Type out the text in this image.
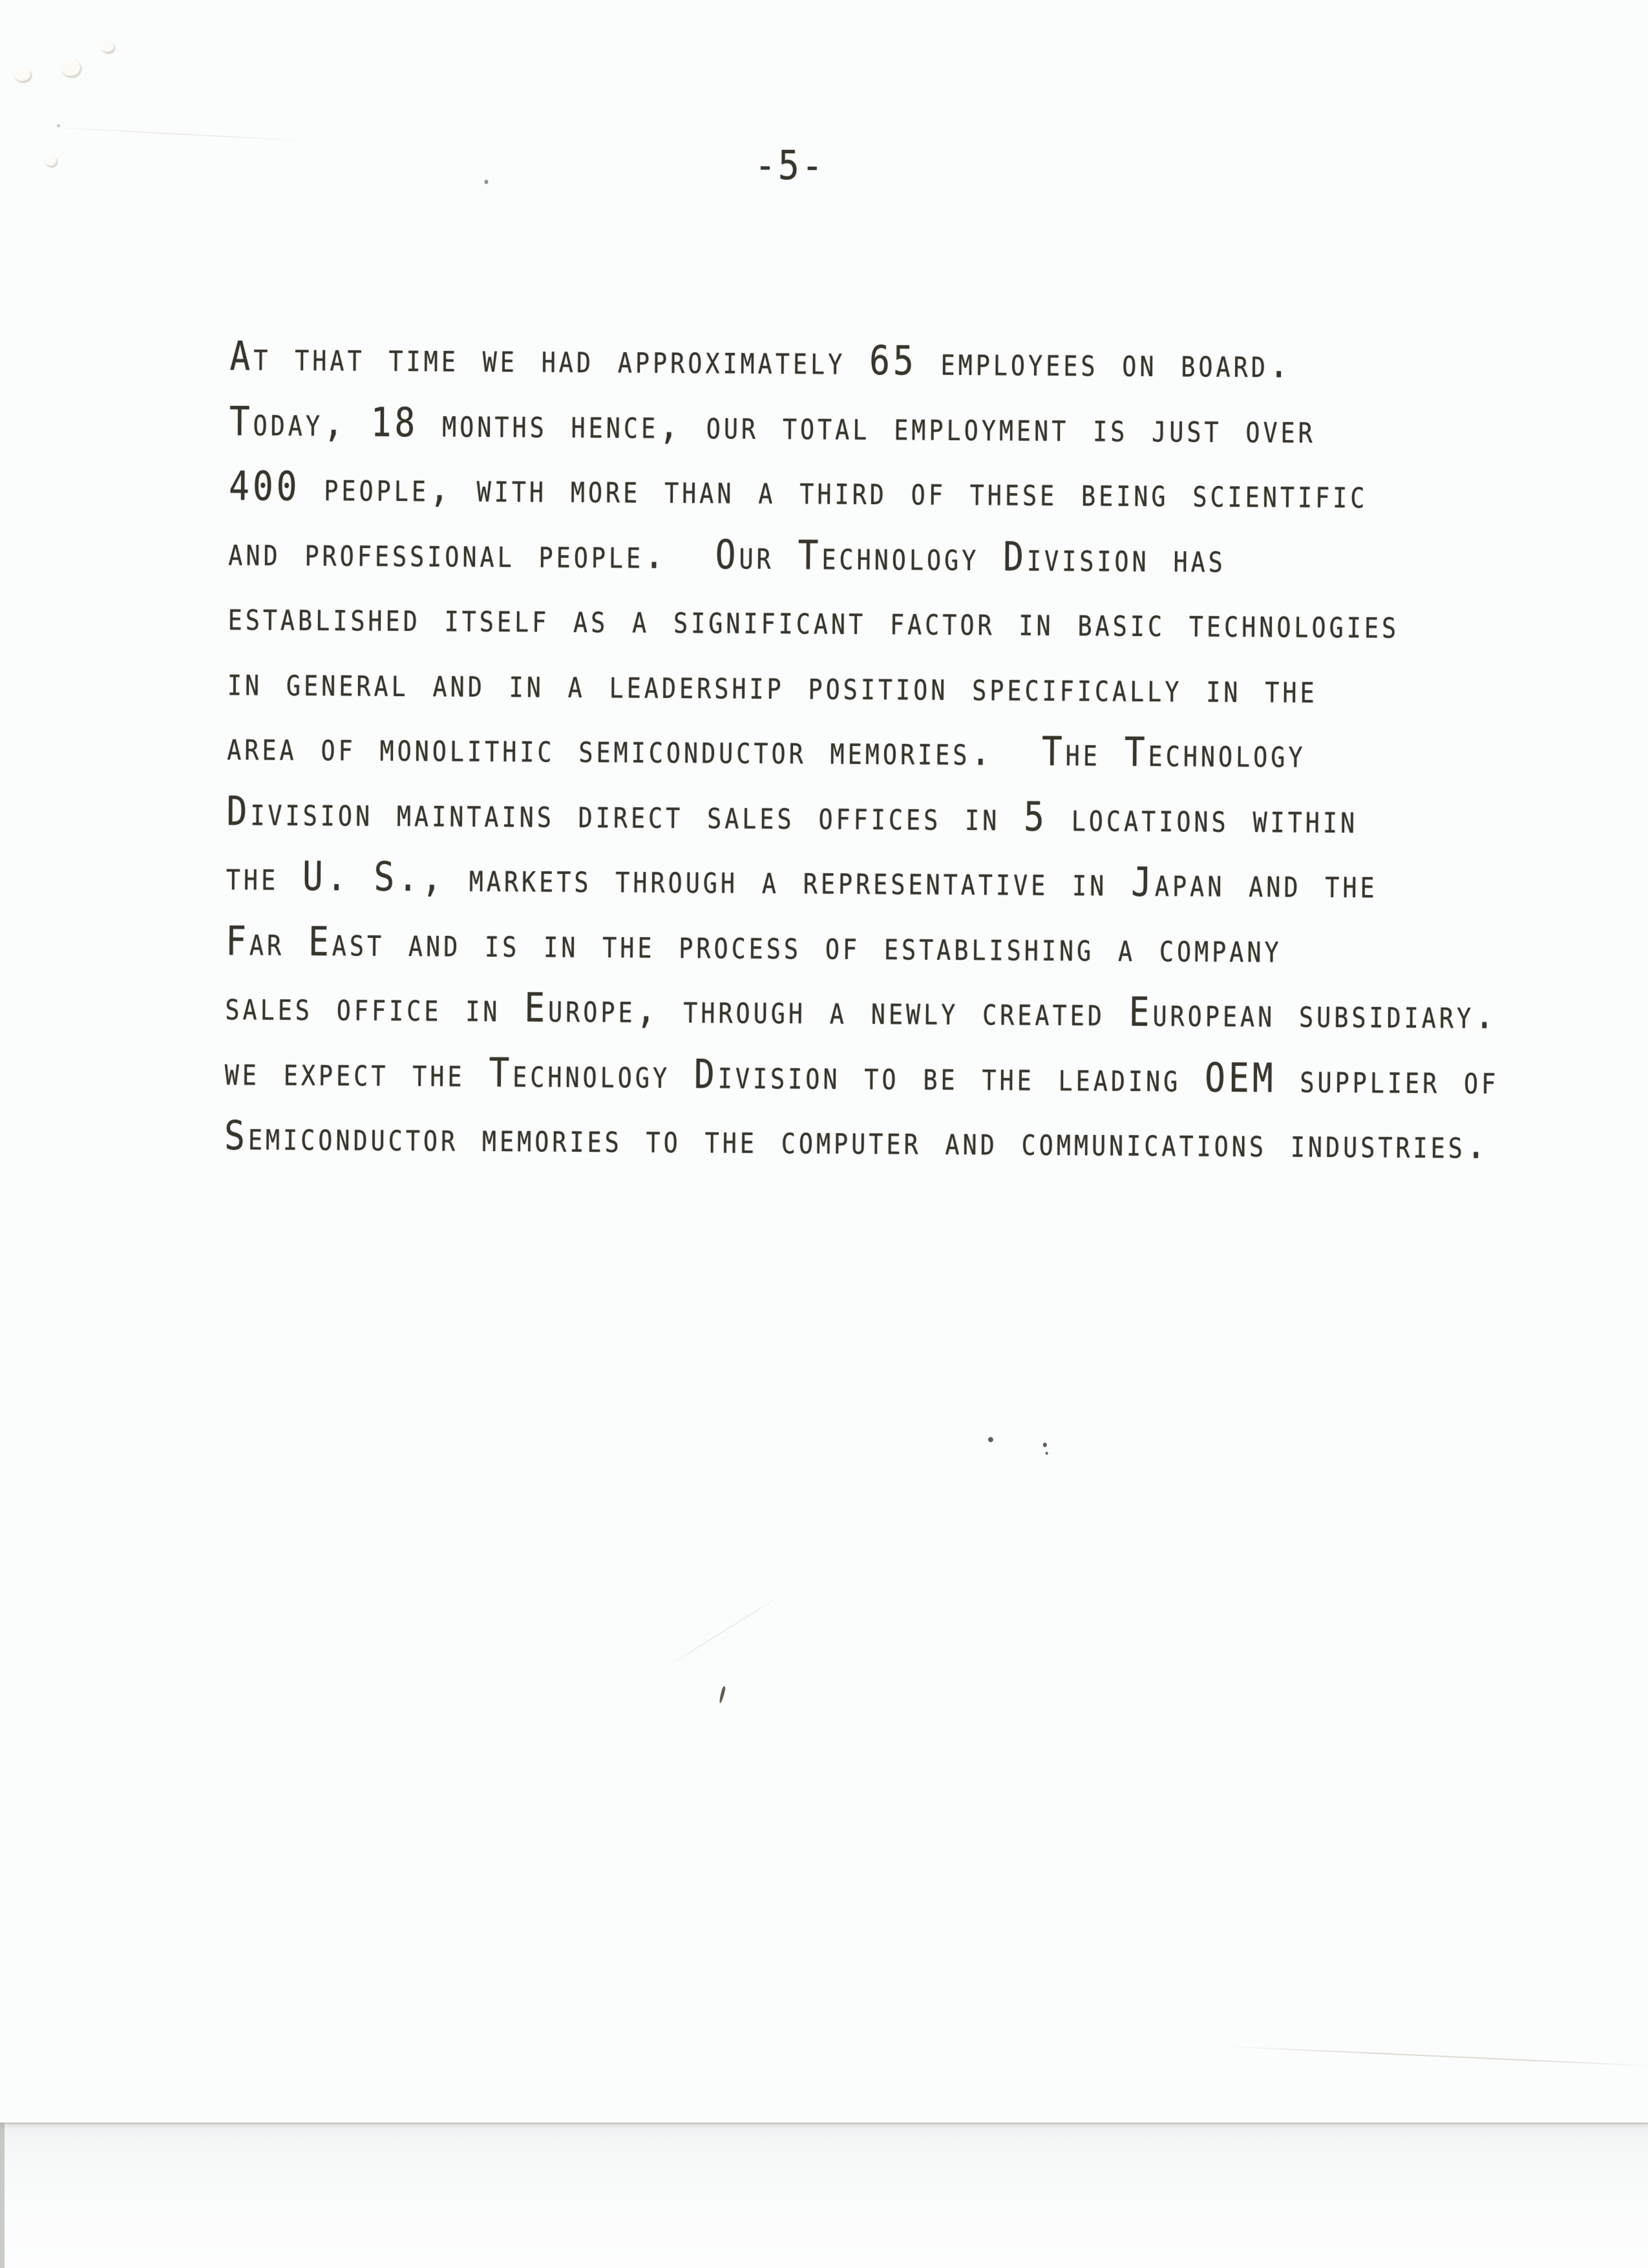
-5-
At that time we had approximately 65 employees on board.
Today, 18 months hence, our total employment is just over
400 people, with more than a third of these being scientific
and professional people.  Our Technology Division has
established itself as a significant factor in basic technologies
in general and in a leadership position specifically in the
area of monolithic semiconductor memories.  The Technology
Division maintains direct sales offices in 5 locations within
the U. S., markets through a representative in Japan and the
Far East and is in the process of establishing a company
sales office in Europe, through a newly created European subsidiary.
we expect the Technology Division to be the leading OEM supplier of
Semiconductor memories to the computer and communications industries.
